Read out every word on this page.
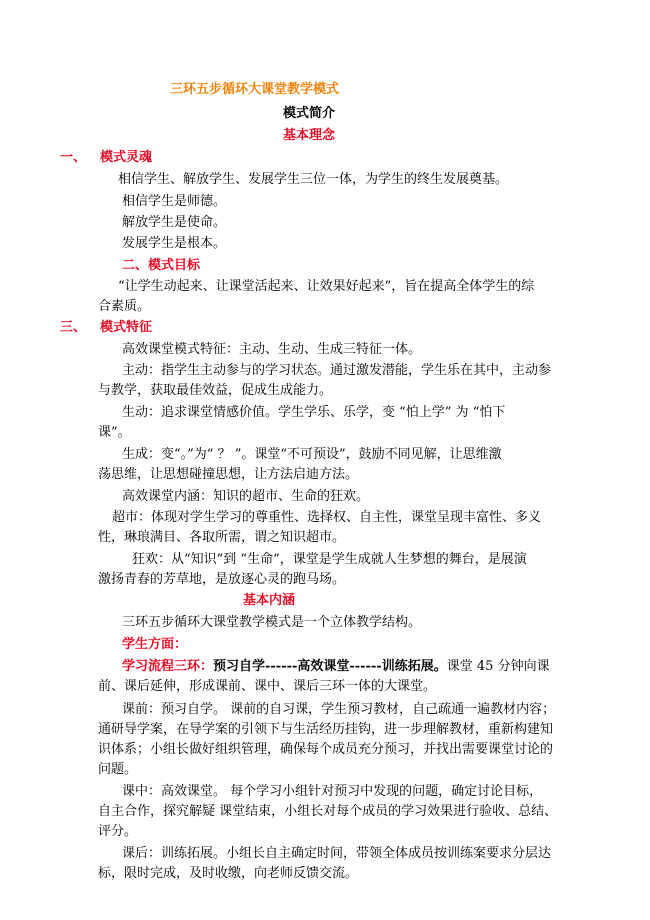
三环五步循环大课堂教学模式
模式简介
基本理念
一、 模式灵魂
相信学生、解放学生、发展学生三位一体，为学生的终生发展奠基。
相信学生是师德。
解放学生是使命。
发展学生是根本。
二、模式目标
“让学生动起来、让课堂活起来、让效果好起来”，旨在提高全体学生的综
合素质。
三、 模式特征
高效课堂模式特征：主动、生动、生成三特征一体。
主动：指学生主动参与的学习状态。通过激发潜能，学生乐在其中，主动参
与教学，获取最佳效益，促成生成能力。
生动：追求课堂情感价值。学生学乐、乐学，变 “怕上学” 为 “怕下
课”。
生成：变“。”为“ ？ ”。课堂“不可预设”，鼓励不同见解，让思维激
荡思维，让思想碰撞思想，让方法启迪方法。
高效课堂内涵：知识的超市、生命的狂欢。
超市：体现对学生学习的尊重性、选择权、自主性，课堂呈现丰富性、多义
性，琳琅满目、各取所需，谓之知识超市。
狂欢：从“知识”到 “生命”，课堂是学生成就人生梦想的舞台，是展演
激扬青春的芳草地，是放逐心灵的跑马场。
基本内涵
三环五步循环大课堂教学模式是一个立体教学结构。
学生方面：
学习流程三环：预习自学------高效课堂------训练拓展。课堂 45 分钟向课
前、课后延伸，形成课前、课中、课后三环一体的大课堂。
课前：预习自学。 课前的自习课，学生预习教材，自己疏通一遍教材内容；
通研导学案，在导学案的引领下与生活经历挂钩，进一步理解教材，重新构建知
识体系；小组长做好组织管理，确保每个成员充分预习，并找出需要课堂讨论的
问题。
课中：高效课堂。 每个学习小组针对预习中发现的问题，确定讨论目标，
自主合作，探究解疑 课堂结束，小组长对每个成员的学习效果进行验收、总结、
评分。
课后：训练拓展。小组长自主确定时间，带领全体成员按训练案要求分层达
标，限时完成，及时收缴，向老师反馈交流。
